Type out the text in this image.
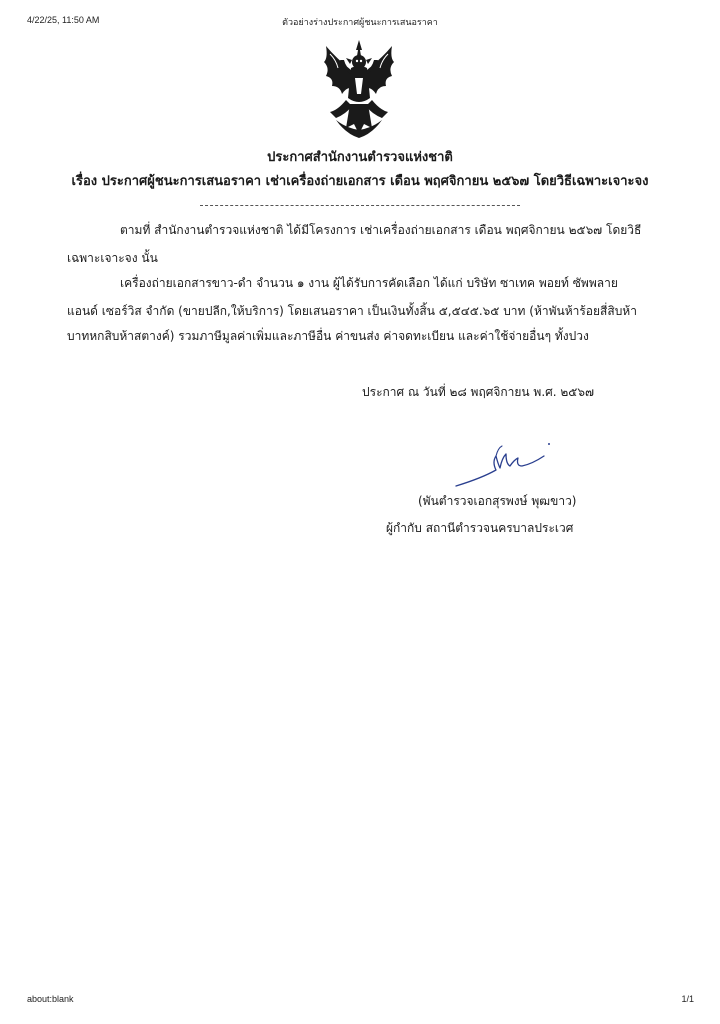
4/22/25, 11:50 AM	ตัวอย่างร่างประกาศผู้ชนะการเสนอราคา
ประกาศสำนักงานตำรวจแห่งชาติ
เรื่อง ประกาศผู้ชนะการเสนอราคา เช่าเครื่องถ่ายเอกสาร เดือน พฤศจิกายน ๒๕๖๗ โดยวิธีเฉพาะเจาะจง
ตามที่ สำนักงานตำรวจแห่งชาติ ได้มีโครงการ เช่าเครื่องถ่ายเอกสาร เดือน พฤศจิกายน ๒๕๖๗ โดยวิธี
เฉพาะเจาะจง นั้น
เครื่องถ่ายเอกสารขาว-ดำ จำนวน ๑ งาน ผู้ได้รับการคัดเลือก ได้แก่ บริษัท ซาเทค พอยท์ ซัพพลาย
แอนด์ เซอร์วิส จำกัด (ขายปลีก,ให้บริการ) โดยเสนอราคา เป็นเงินทั้งสิ้น ๕,๕๔๕.๖๕ บาท (ห้าพันห้าร้อยสี่สิบห้า
บาทหกสิบห้าสตางค์) รวมภาษีมูลค่าเพิ่มและภาษีอื่น ค่าขนส่ง ค่าจดทะเบียน และค่าใช้จ่ายอื่นๆ ทั้งปวง
ประกาศ ณ วันที่ ๒๘ พฤศจิกายน พ.ศ. ๒๕๖๗
(พันตำรวจเอกสุรพงษ์ พุฒขาว)
ผู้กำกับ สถานีตำรวจนครบาลประเวศ
about:blank	1/1
